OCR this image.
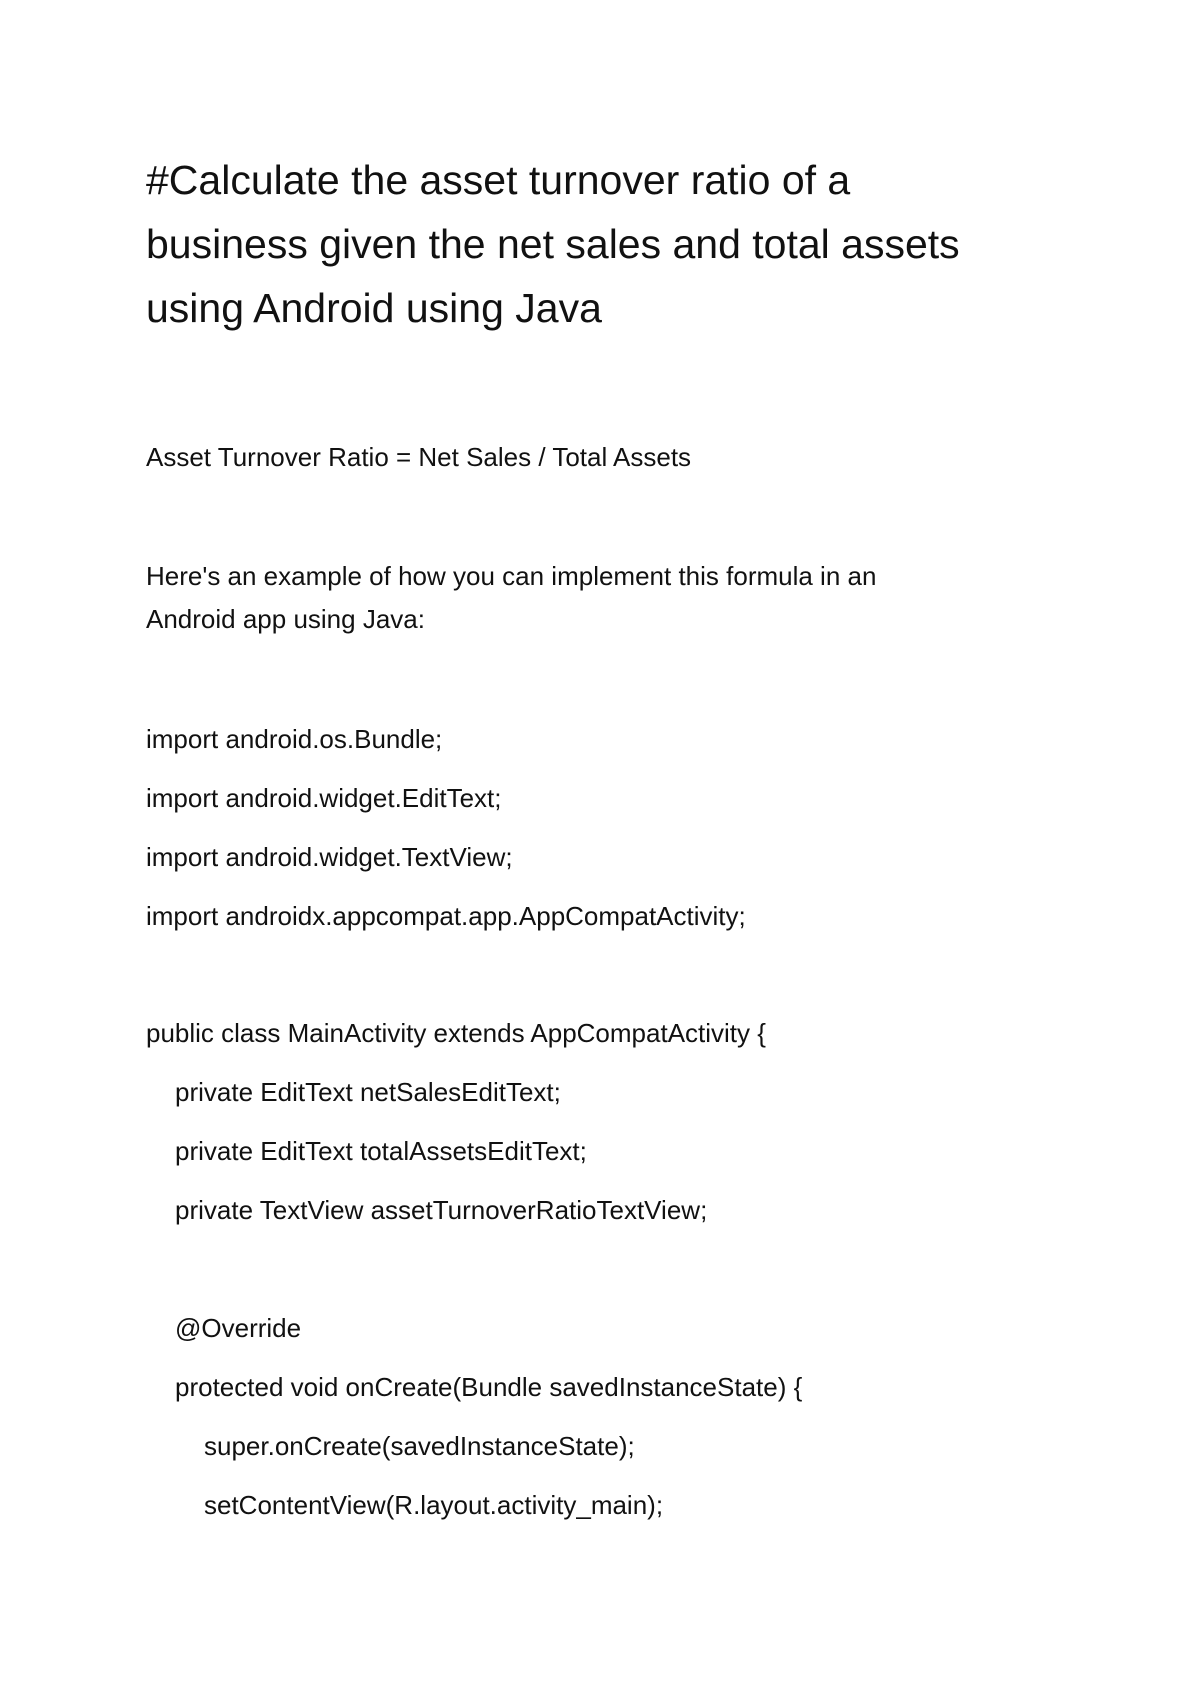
#Calculate the asset turnover ratio of a
business given the net sales and total assets
using Android using Java
Asset Turnover Ratio = Net Sales / Total Assets
Here's an example of how you can implement this formula in an
Android app using Java:
import android.os.Bundle;
import android.widget.EditText;
import android.widget.TextView;
import androidx.appcompat.app.AppCompatActivity;
public class MainActivity extends AppCompatActivity {
private EditText netSalesEditText;
private EditText totalAssetsEditText;
private TextView assetTurnoverRatioTextView;
@Override
protected void onCreate(Bundle savedInstanceState) {
super.onCreate(savedInstanceState);
setContentView(R.layout.activity_main);
